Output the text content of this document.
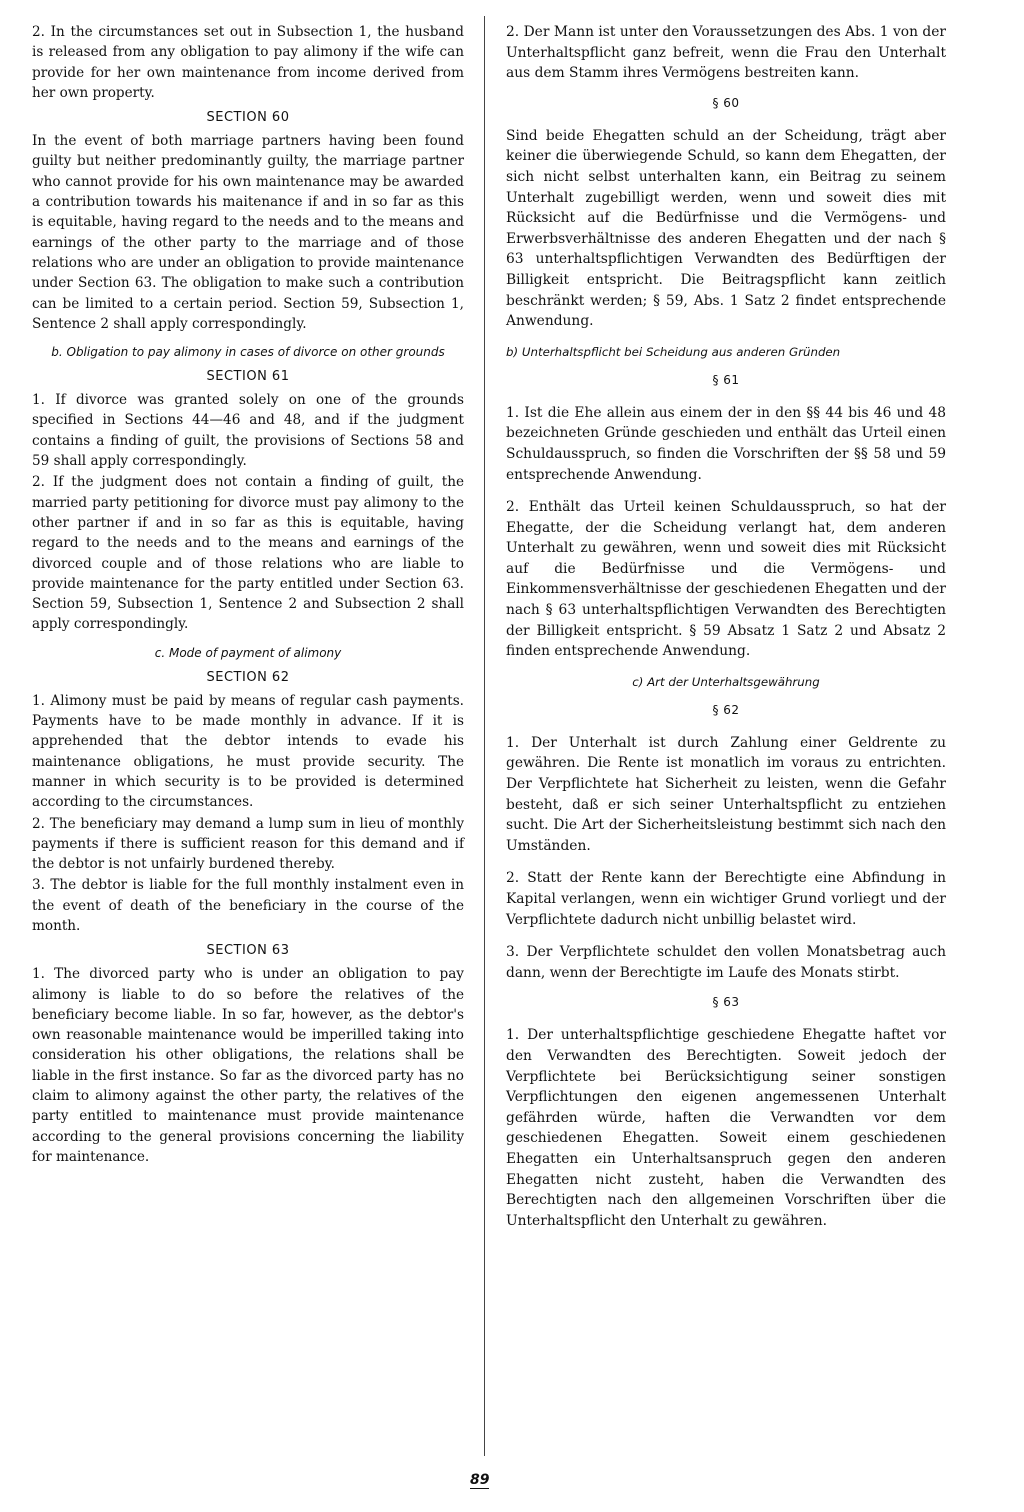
2. In the circumstances set out in Subsection 1, the husband is released from any obligation to pay alimony if the wife can provide for her own maintenance from income derived from her own property.

SECTION 60

In the event of both marriage partners having been found guilty but neither predominantly guilty, the marriage partner who cannot provide for his own maintenance may be awarded a contribution towards his maitenance if and in so far as this is equitable, having regard to the needs and to the means and earnings of the other party to the marriage and of those relations who are under an obligation to provide maintenance under Section 63. The obligation to make such a contribution can be limited to a certain period. Section 59, Subsection 1, Sentence 2 shall apply correspondingly.

b. Obligation to pay alimony in cases of divorce on other grounds
SECTION 61

1. If divorce was granted solely on one of the grounds specified in Sections 44—46 and 48, and if the judgment contains a finding of guilt, the provisions of Sections 58 and 59 shall apply correspondingly.

2. If the judgment does not contain a finding of guilt, the married party petitioning for divorce must pay alimony to the other partner if and in so far as this is equitable, having regard to the needs and to the means and earnings of the divorced couple and of those relations who are liable to provide maintenance for the party entitled under Section 63. Section 59, Subsection 1, Sentence 2 and Subsection 2 shall apply correspondingly.

c. Mode of payment of alimony
SECTION 62

1. Alimony must be paid by means of regular cash payments. Payments have to be made monthly in advance. If it is apprehended that the debtor intends to evade his maintenance obligations, he must provide security. The manner in which security is to be provided is determined according to the circumstances.

2. The beneficiary may demand a lump sum in lieu of monthly payments if there is sufficient reason for this demand and if the debtor is not unfairly burdened thereby.

3. The debtor is liable for the full monthly instalment even in the event of death of the beneficiary in the course of the month.

SECTION 63

1. The divorced party who is under an obligation to pay alimony is liable to do so before the relatives of the beneficiary become liable. In so far, however, as the debtor's own reasonable maintenance would be imperilled taking into consideration his other obligations, the relations shall be liable in the first instance. So far as the divorced party has no claim to alimony against the other party, the relatives of the party entitled to maintenance must provide maintenance according to the general provisions concerning the liability for maintenance.

2. Der Mann ist unter den Voraussetzungen des Abs. 1 von der Unterhaltspflicht ganz befreit, wenn die Frau den Unterhalt aus dem Stamm ihres Vermögens bestreiten kann.

§ 60

Sind beide Ehegatten schuld an der Scheidung, trägt aber keiner die überwiegende Schuld, so kann dem Ehegatten, der sich nicht selbst unterhalten kann, ein Beitrag zu seinem Unterhalt zugebilligt werden, wenn und soweit dies mit Rücksicht auf die Bedürfnisse und die Vermögens- und Erwerbsverhältnisse des anderen Ehegatten und der nach § 63 unterhaltspflichtigen Verwandten des Bedürftigen der Billigkeit entspricht. Die Beitragspflicht kann zeitlich beschränkt werden; § 59, Abs. 1 Satz 2 findet entsprechende Anwendung.

b) Unterhaltspflicht bei Scheidung aus anderen Gründen
§ 61

1. Ist die Ehe allein aus einem der in den §§ 44 bis 46 und 48 bezeichneten Gründe geschieden und enthält das Urteil einen Schuldausspruch, so finden die Vorschriften der §§ 58 und 59 entsprechende Anwendung.

2. Enthält das Urteil keinen Schuldausspruch, so hat der Ehegatte, der die Scheidung verlangt hat, dem anderen Unterhalt zu gewähren, wenn und soweit dies mit Rücksicht auf die Bedürfnisse und die Vermögens- und Einkommensverhältnisse der geschiedenen Ehegatten und der nach § 63 unterhaltspflichtigen Verwandten des Berechtigten der Billigkeit entspricht. § 59 Absatz 1 Satz 2 und Absatz 2 finden entsprechende Anwendung.

c) Art der Unterhaltsgewährung
§ 62

1. Der Unterhalt ist durch Zahlung einer Geldrente zu gewähren. Die Rente ist monatlich im voraus zu entrichten. Der Verpflichtete hat Sicherheit zu leisten, wenn die Gefahr besteht, daß er sich seiner Unterhaltspflicht zu entziehen sucht. Die Art der Sicherheitsleistung bestimmt sich nach den Umständen.

2. Statt der Rente kann der Berechtigte eine Abfindung in Kapital verlangen, wenn ein wichtiger Grund vorliegt und der Verpflichtete dadurch nicht unbillig belastet wird.

3. Der Verpflichtete schuldet den vollen Monatsbetrag auch dann, wenn der Berechtigte im Laufe des Monats stirbt.

§ 63

1. Der unterhaltspflichtige geschiedene Ehegatte haftet vor den Verwandten des Berechtigten. Soweit jedoch der Verpflichtete bei Berücksichtigung seiner sonstigen Verpflichtungen den eigenen angemessenen Unterhalt gefährden würde, haften die Verwandten vor dem geschiedenen Ehegatten. Soweit einem geschiedenen Ehegatten ein Unterhaltsanspruch gegen den anderen Ehegatten nicht zusteht, haben die Verwandten des Berechtigten nach den allgemeinen Vorschriften über die Unterhaltspflicht den Unterhalt zu gewähren.

89
